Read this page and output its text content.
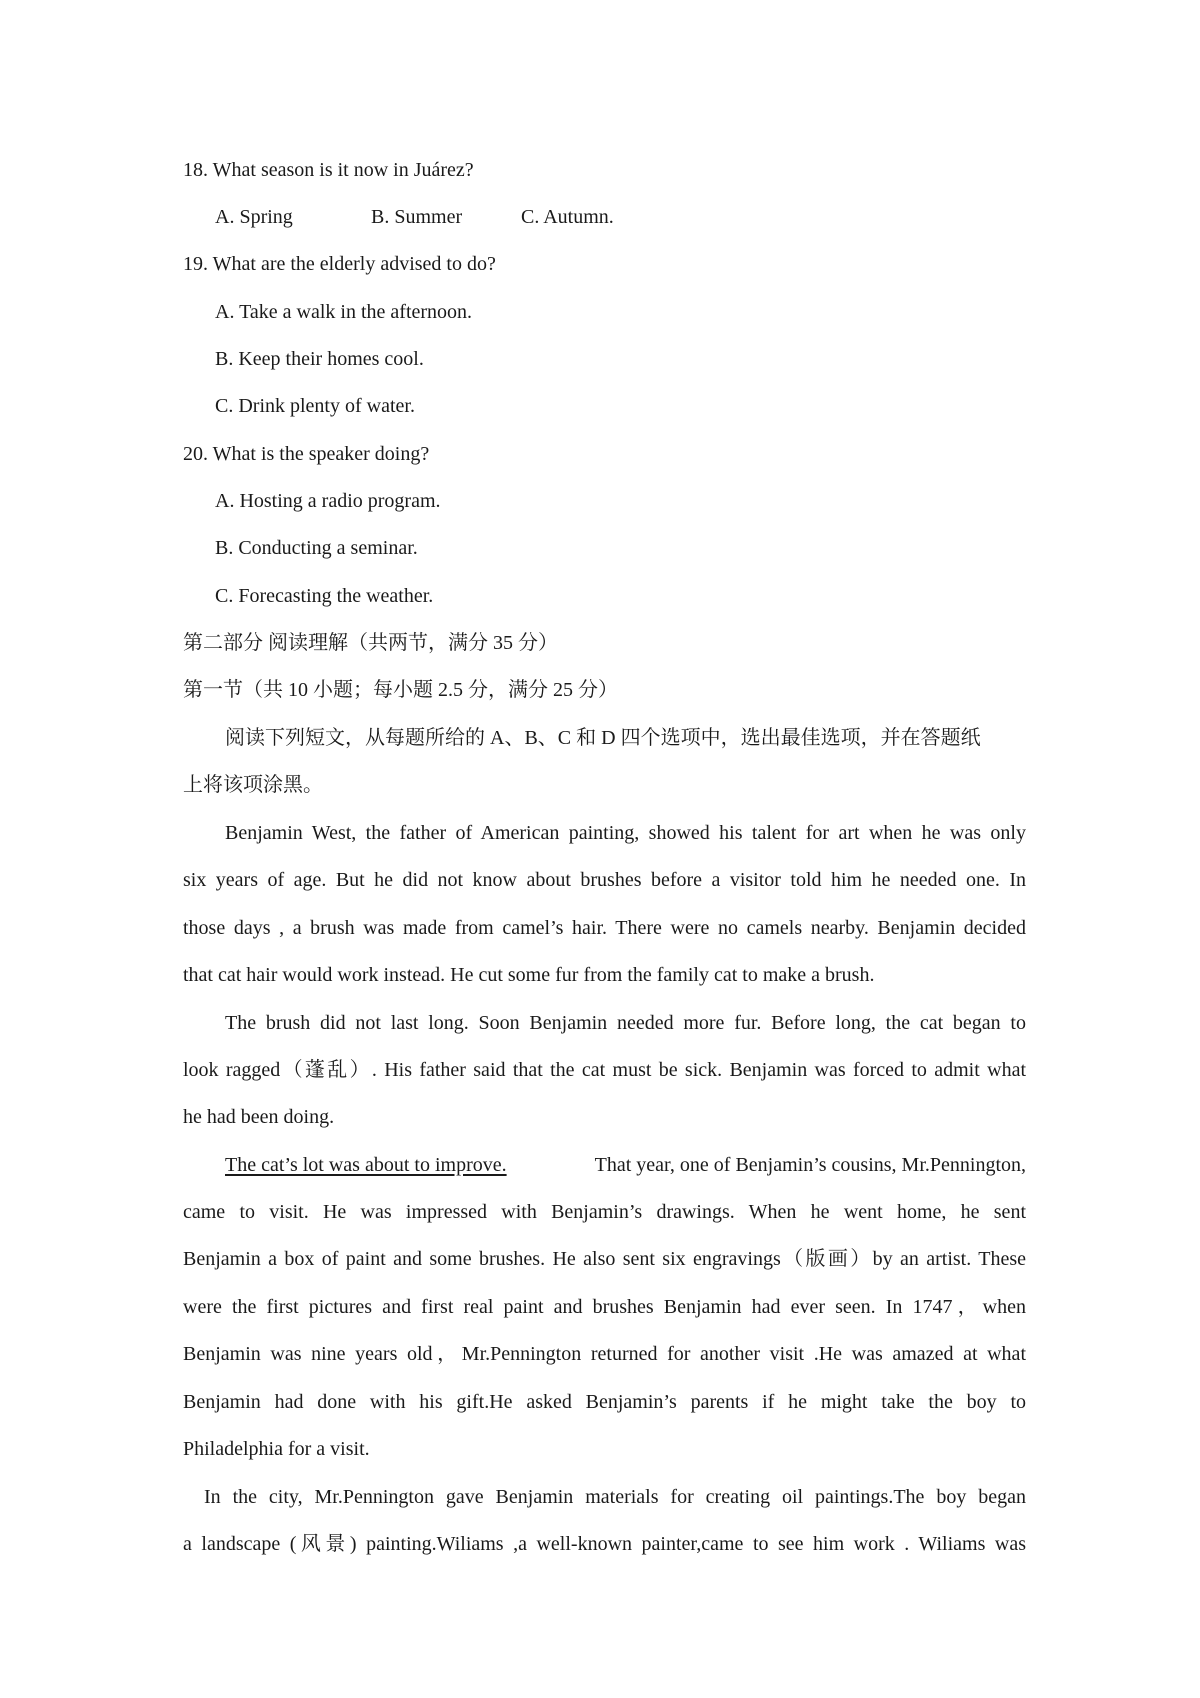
18. What season is it now in Juárez?
A. Spring	B. Summer	C. Autumn.
19. What are the elderly advised to do?
A. Take a walk in the afternoon.
B. Keep their homes cool.
C. Drink plenty of water.
20. What is the speaker doing?
A. Hosting a radio program.
B. Conducting a seminar.
C. Forecasting the weather.
第二部分 阅读理解（共两节，满分 35 分）
第一节（共 10 小题；每小题 2.5 分，满分 25 分）
阅读下列短文，从每题所给的 A、B、C 和 D 四个选项中，选出最佳选项，并在答题纸
上将该项涂黑。
Benjamin West, the father of American painting, showed his talent for art when he was only
six years of age. But he did not know about brushes before a visitor told him he needed one. In
those days , a brush was made from camel’s hair. There were no camels nearby. Benjamin decided
that cat hair would work instead. He cut some fur from the family cat to make a brush.
The brush did not last long. Soon Benjamin needed more fur. Before long, the cat began to
look ragged（蓬乱）. His father said that the cat must be sick. Benjamin was forced to admit what
he had been doing.
The cat’s lot was about to improve.	That year, one of Benjamin’s cousins, Mr.Pennington,
came to visit. He was impressed with Benjamin’s drawings. When he went home, he sent
Benjamin a box of paint and some brushes. He also sent six engravings（版画）by an artist. These
were the first pictures and first real paint and brushes Benjamin had ever seen. In 1747，when
Benjamin was nine years old，Mr.Pennington returned for another visit .He was amazed at what
Benjamin had done with his gift.He asked Benjamin’s parents if he might take the boy to
Philadelphia for a visit.
In the city, Mr.Pennington gave Benjamin materials for creating oil paintings.The boy began
a landscape (风景) painting.Wiliams ,a well-known painter,came to see him work . Wiliams was
